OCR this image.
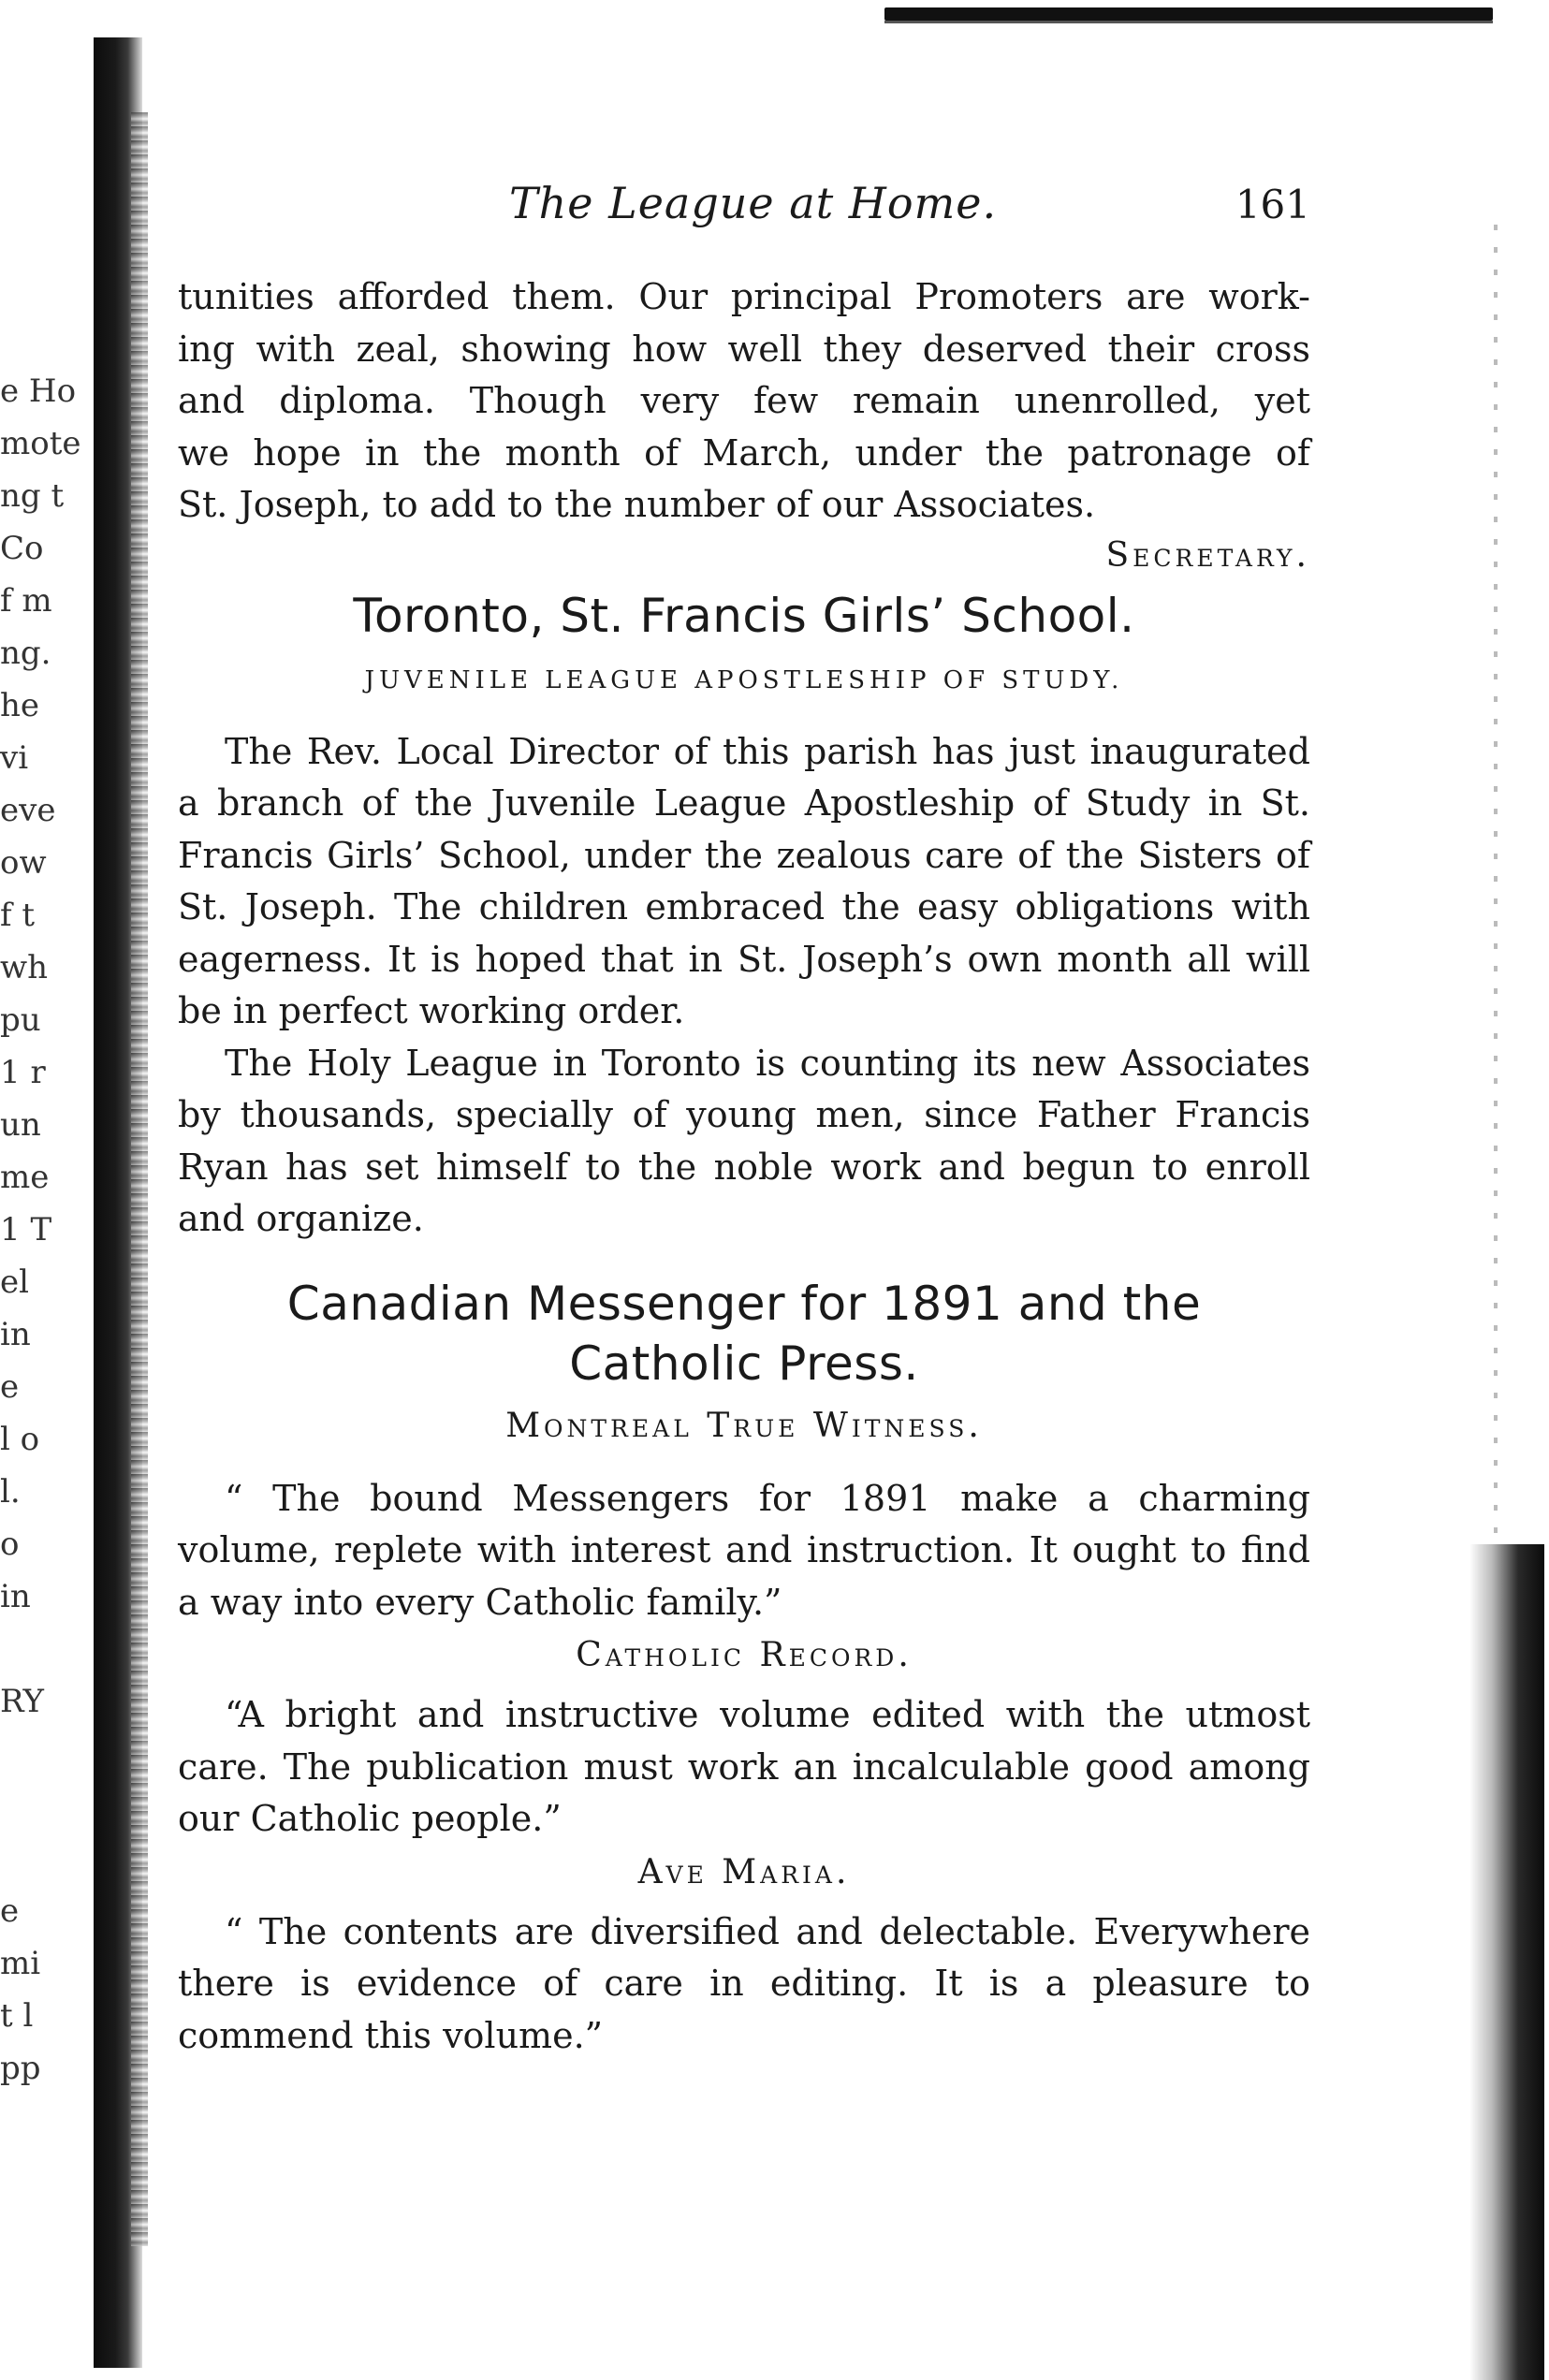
e Ho
mote
ng t
Co
f m
ng.
he
vi
eve
ow
f t
wh
pu
1 r
un
me
1 T
el
in
e
l o
l.
o
in
RY
e
mi
t l
pp
The League at Home.	161
tunities afforded them. Our principal Promoters are work-
ing with zeal, showing how well they deserved their cross
and diploma. Though very few remain unenrolled, yet
we hope in the month of March, under the patronage of
St. Joseph, to add to the number of our Associates.

Secretary.

Toronto, St. Francis Girls’ School.

JUVENILE LEAGUE APOSTLESHIP OF STUDY.

The Rev. Local Director of this parish has just inaugurated a branch of the Juvenile League Apostleship of Study in St. Francis Girls’ School, under the zealous care of the Sisters of St. Joseph. The children embraced the easy obligations with eagerness. It is hoped that in St. Joseph’s own month all will be in perfect working order.

The Holy League in Toronto is counting its new Associates by thousands, specially of young men, since Father Francis Ryan has set himself to the noble work and begun to enroll and organize.

Canadian Messenger for 1891 and the
Catholic Press.

Montreal True Witness.

“ The bound Messengers for 1891 make a charming volume, replete with interest and instruction. It ought to find a way into every Catholic family.”

Catholic Record.

“A bright and instructive volume edited with the utmost care. The publication must work an incalculable good among our Catholic people.”

Ave Maria.

“ The contents are diversified and delectable. Everywhere there is evidence of care in editing. It is a pleasure to commend this volume.”
